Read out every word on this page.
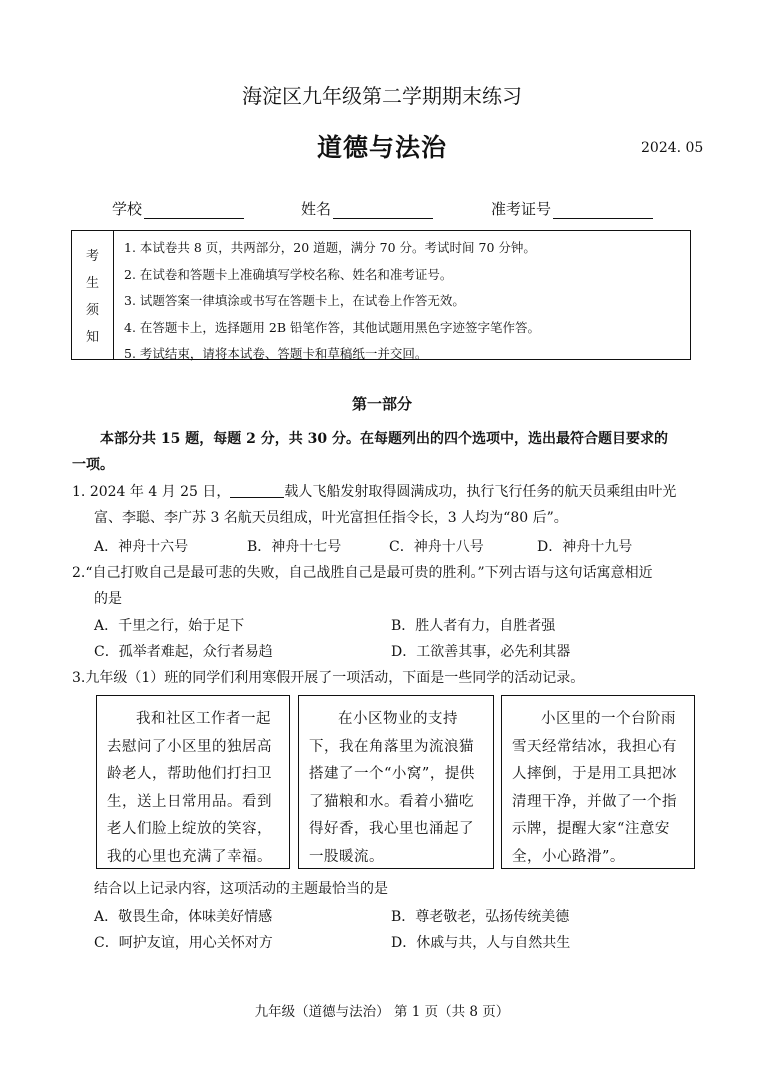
海淀区九年级第二学期期末练习
道德与法治	2024. 05
学校	姓名	准考证号
考
生
须
知
1. 本试卷共 8 页，共两部分，20 道题，满分 70 分。考试时间 70 分钟。
2. 在试卷和答题卡上准确填写学校名称、姓名和准考证号。
3. 试题答案一律填涂或书写在答题卡上，在试卷上作答无效。
4. 在答题卡上，选择题用 2B 铅笔作答，其他试题用黑色字迹签字笔作答。
5. 考试结束，请将本试卷、答题卡和草稿纸一并交回。
第一部分
本部分共 15 题，每题 2 分，共 30 分。在每题列出的四个选项中，选出最符合题目要求的
一项。
1. 2024 年 4 月 25 日，	载人飞船发射取得圆满成功，执行飞行任务的航天员乘组由叶光
富、李聪、李广苏 3 名航天员组成，叶光富担任指令长，3 人均为“80 后”。
A．神舟十六号	B．神舟十七号	C．神舟十八号	D．神舟十九号
2.“自己打败自己是最可悲的失败，自己战胜自己是最可贵的胜利。”下列古语与这句话寓意相近
的是
A．千里之行，始于足下	B．胜人者有力，自胜者强
C．孤举者难起，众行者易趋	D．工欲善其事，必先利其器
3.九年级（1）班的同学们利用寒假开展了一项活动，下面是一些同学的活动记录。
我和社区工作者一起去慰问了小区里的独居高龄老人，帮助他们打扫卫生，送上日常用品。看到老人们脸上绽放的笑容，我的心里也充满了幸福。
在小区物业的支持下，我在角落里为流浪猫搭建了一个“小窝”，提供了猫粮和水。看着小猫吃得好香，我心里也涌起了一股暖流。
小区里的一个台阶雨雪天经常结冰，我担心有人摔倒，于是用工具把冰清理干净，并做了一个指示牌，提醒大家“注意安全，小心路滑”。
结合以上记录内容，这项活动的主题最恰当的是
A．敬畏生命，体味美好情感	B．尊老敬老，弘扬传统美德
C．呵护友谊，用心关怀对方	D．休戚与共，人与自然共生
九年级（道德与法治） 第 1 页（共 8 页）
